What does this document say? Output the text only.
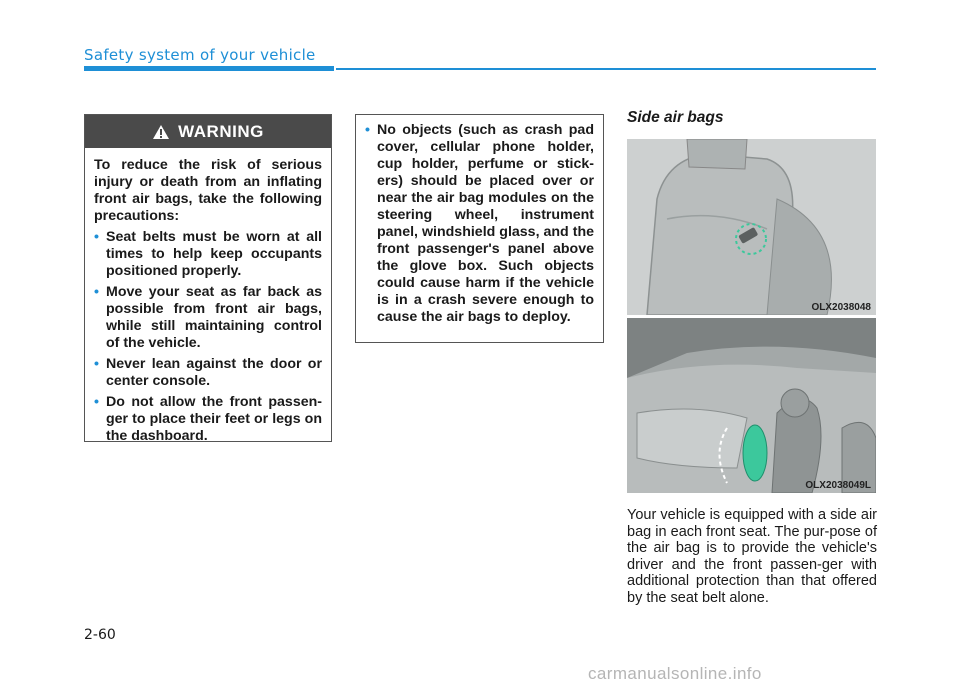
Safety system of your vehicle
WARNING

To reduce the risk of serious injury or death from an inflating front air bags, take the following precautions:

• Seat belts must be worn at all times to help keep occupants positioned properly.
• Move your seat as far back as possible from front air bags, while still maintaining control of the vehicle.
• Never lean against the door or center console.
• Do not allow the front passen-ger to place their feet or legs on the dashboard.
• No objects (such as crash pad cover, cellular phone holder, cup holder, perfume or stick-ers) should be placed over or near the air bag modules on the steering wheel, instrument panel, windshield glass, and the front passenger's panel above the glove box. Such objects could cause harm if the vehicle is in a crash severe enough to cause the air bags to deploy.
Side air bags
OLX2038048
OLX2038049L
Your vehicle is equipped with a side air bag in each front seat. The pur-pose of the air bag is to provide the vehicle's driver and the front passen-ger with additional protection than that offered by the seat belt alone.
2-60
carmanualsonline.info
